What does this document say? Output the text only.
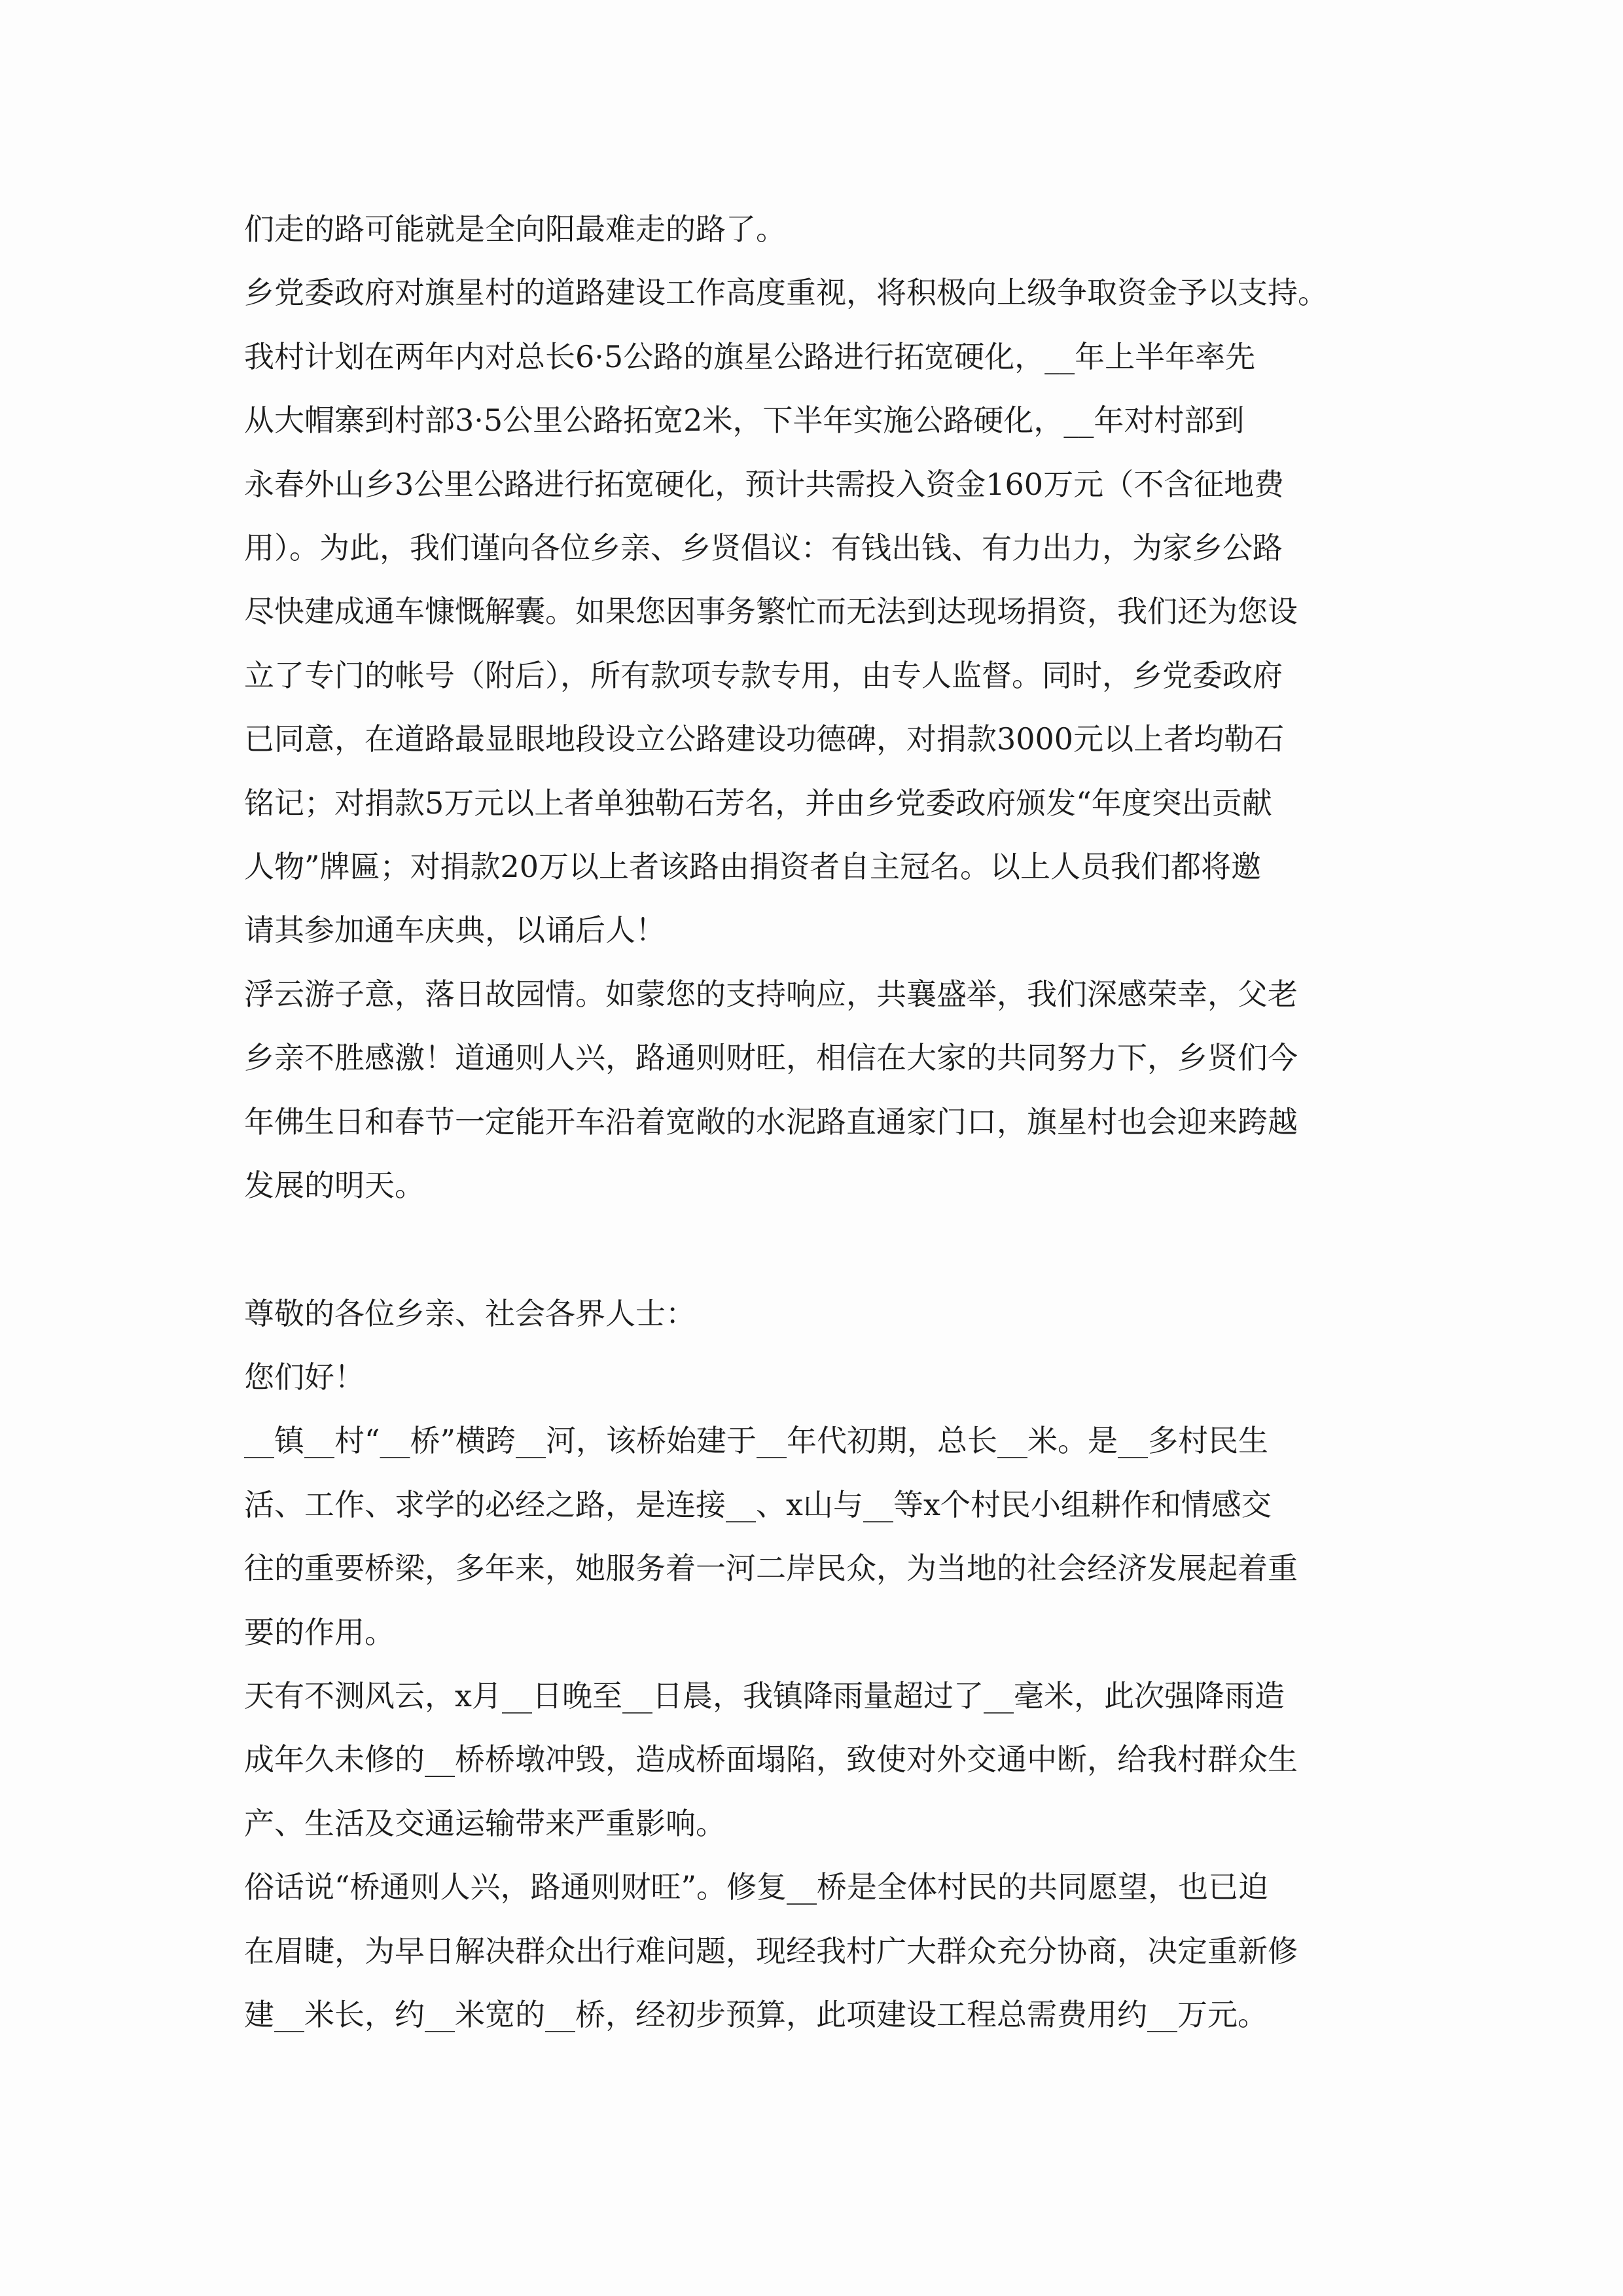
们走的路可能就是全向阳最难走的路了。
乡党委政府对旗星村的道路建设工作高度重视，将积极向上级争取资金予以支持。
我村计划在两年内对总长6·5公路的旗星公路进行拓宽硬化，__年上半年率先
从大帽寨到村部3·5公里公路拓宽2米，下半年实施公路硬化，__年对村部到
永春外山乡3公里公路进行拓宽硬化，预计共需投入资金160万元（不含征地费
用）。为此，我们谨向各位乡亲、乡贤倡议：有钱出钱、有力出力，为家乡公路
尽快建成通车慷慨解囊。如果您因事务繁忙而无法到达现场捐资，我们还为您设
立了专门的帐号（附后），所有款项专款专用，由专人监督。同时，乡党委政府
已同意，在道路最显眼地段设立公路建设功德碑，对捐款3000元以上者均勒石
铭记；对捐款5万元以上者单独勒石芳名，并由乡党委政府颁发“年度突出贡献
人物”牌匾；对捐款20万以上者该路由捐资者自主冠名。以上人员我们都将邀
请其参加通车庆典，以诵后人！
浮云游子意，落日故园情。如蒙您的支持响应，共襄盛举，我们深感荣幸，父老
乡亲不胜感激！道通则人兴，路通则财旺，相信在大家的共同努力下，乡贤们今
年佛生日和春节一定能开车沿着宽敞的水泥路直通家门口，旗星村也会迎来跨越
发展的明天。
尊敬的各位乡亲、社会各界人士：
您们好！
__镇__村“__桥”横跨__河，该桥始建于__年代初期，总长__米。是__多村民生
活、工作、求学的必经之路，是连接__、x山与__等x个村民小组耕作和情感交
往的重要桥梁，多年来，她服务着一河二岸民众，为当地的社会经济发展起着重
要的作用。
天有不测风云，x月__日晚至__日晨，我镇降雨量超过了__毫米，此次强降雨造
成年久未修的__桥桥墩冲毁，造成桥面塌陷，致使对外交通中断，给我村群众生
产、生活及交通运输带来严重影响。
俗话说“桥通则人兴，路通则财旺”。修复__桥是全体村民的共同愿望，也已迫
在眉睫，为早日解决群众出行难问题，现经我村广大群众充分协商，决定重新修
建__米长，约__米宽的__桥，经初步预算，此项建设工程总需费用约__万元。
